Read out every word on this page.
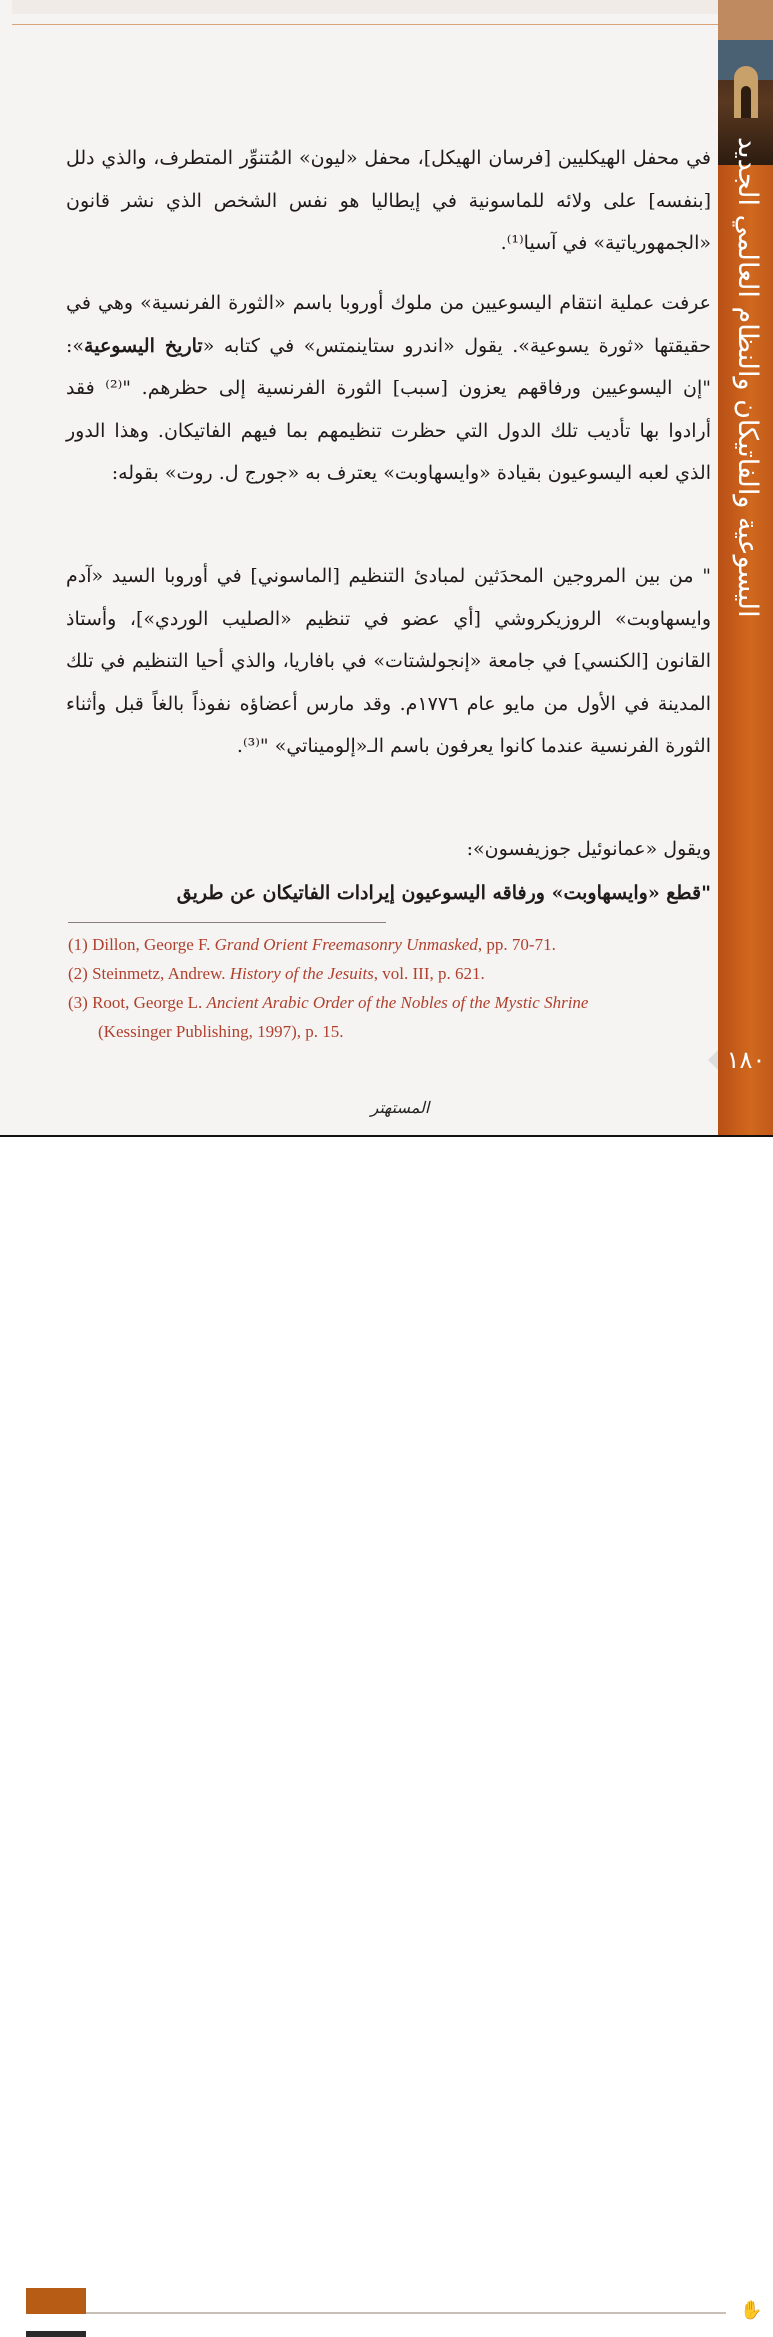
اليسوعية والفاتيكان والنظام العالمي الجديد
١٨٠
في محفل الهيكليين [فرسان الهيكل]، محفل «ليون» المُتنوِّر المتطرف، والذي دلل [بنفسه] على ولائه للماسونية في إيطاليا هو نفس الشخص الذي نشر قانون «الجمهورياتية» في آسيا⁽¹⁾.
عرفت عملية انتقام اليسوعيين من ملوك أوروبا باسم «الثورة الفرنسية» وهي في حقيقتها «ثورة يسوعية». يقول «اندرو ستاينمتس» في كتابه «تاريخ اليسوعية»: "إن اليسوعيين ورفاقهم يعزون [سبب] الثورة الفرنسية إلى حظرهم. "⁽²⁾ فقد أرادوا بها تأديب تلك الدول التي حظرت تنظيمهم بما فيهم الفاتيكان. وهذا الدور الذي لعبه اليسوعيون بقيادة «وايسهاوبت» يعترف به «جورج ل. روت» بقوله:
" من بين المروجين المحدَثين لمبادئ التنظيم [الماسوني] في أوروبا السيد «آدم وايسهاوبت» الروزيكروشي [أي عضو في تنظيم «الصليب الوردي»]، وأستاذ القانون [الكنسي] في جامعة «إنجولشتات» في بافاريا، والذي أحيا التنظيم في تلك المدينة في الأول من مايو عام ١٧٧٦م. وقد مارس أعضاؤه نفوذاً بالغاً قبل وأثناء الثورة الفرنسية عندما كانوا يعرفون باسم الـ«إلوميناتي» "⁽³⁾.
ويقول «عمانوئيل جوزيفسون»:
"قطع «وايسهاوبت» ورفاقه اليسوعيون إيرادات الفاتيكان عن طريق
(1) Dillon, George F. Grand Orient Freemasonry Unmasked, pp. 70-71.
(2) Steinmetz, Andrew. History of the Jesuits, vol. III, p. 621.
(3) Root, George L. Ancient Arabic Order of the Nobles of the Mystic Shrine
(Kessinger Publishing, 1997), p. 15.
المستهتر
✋
